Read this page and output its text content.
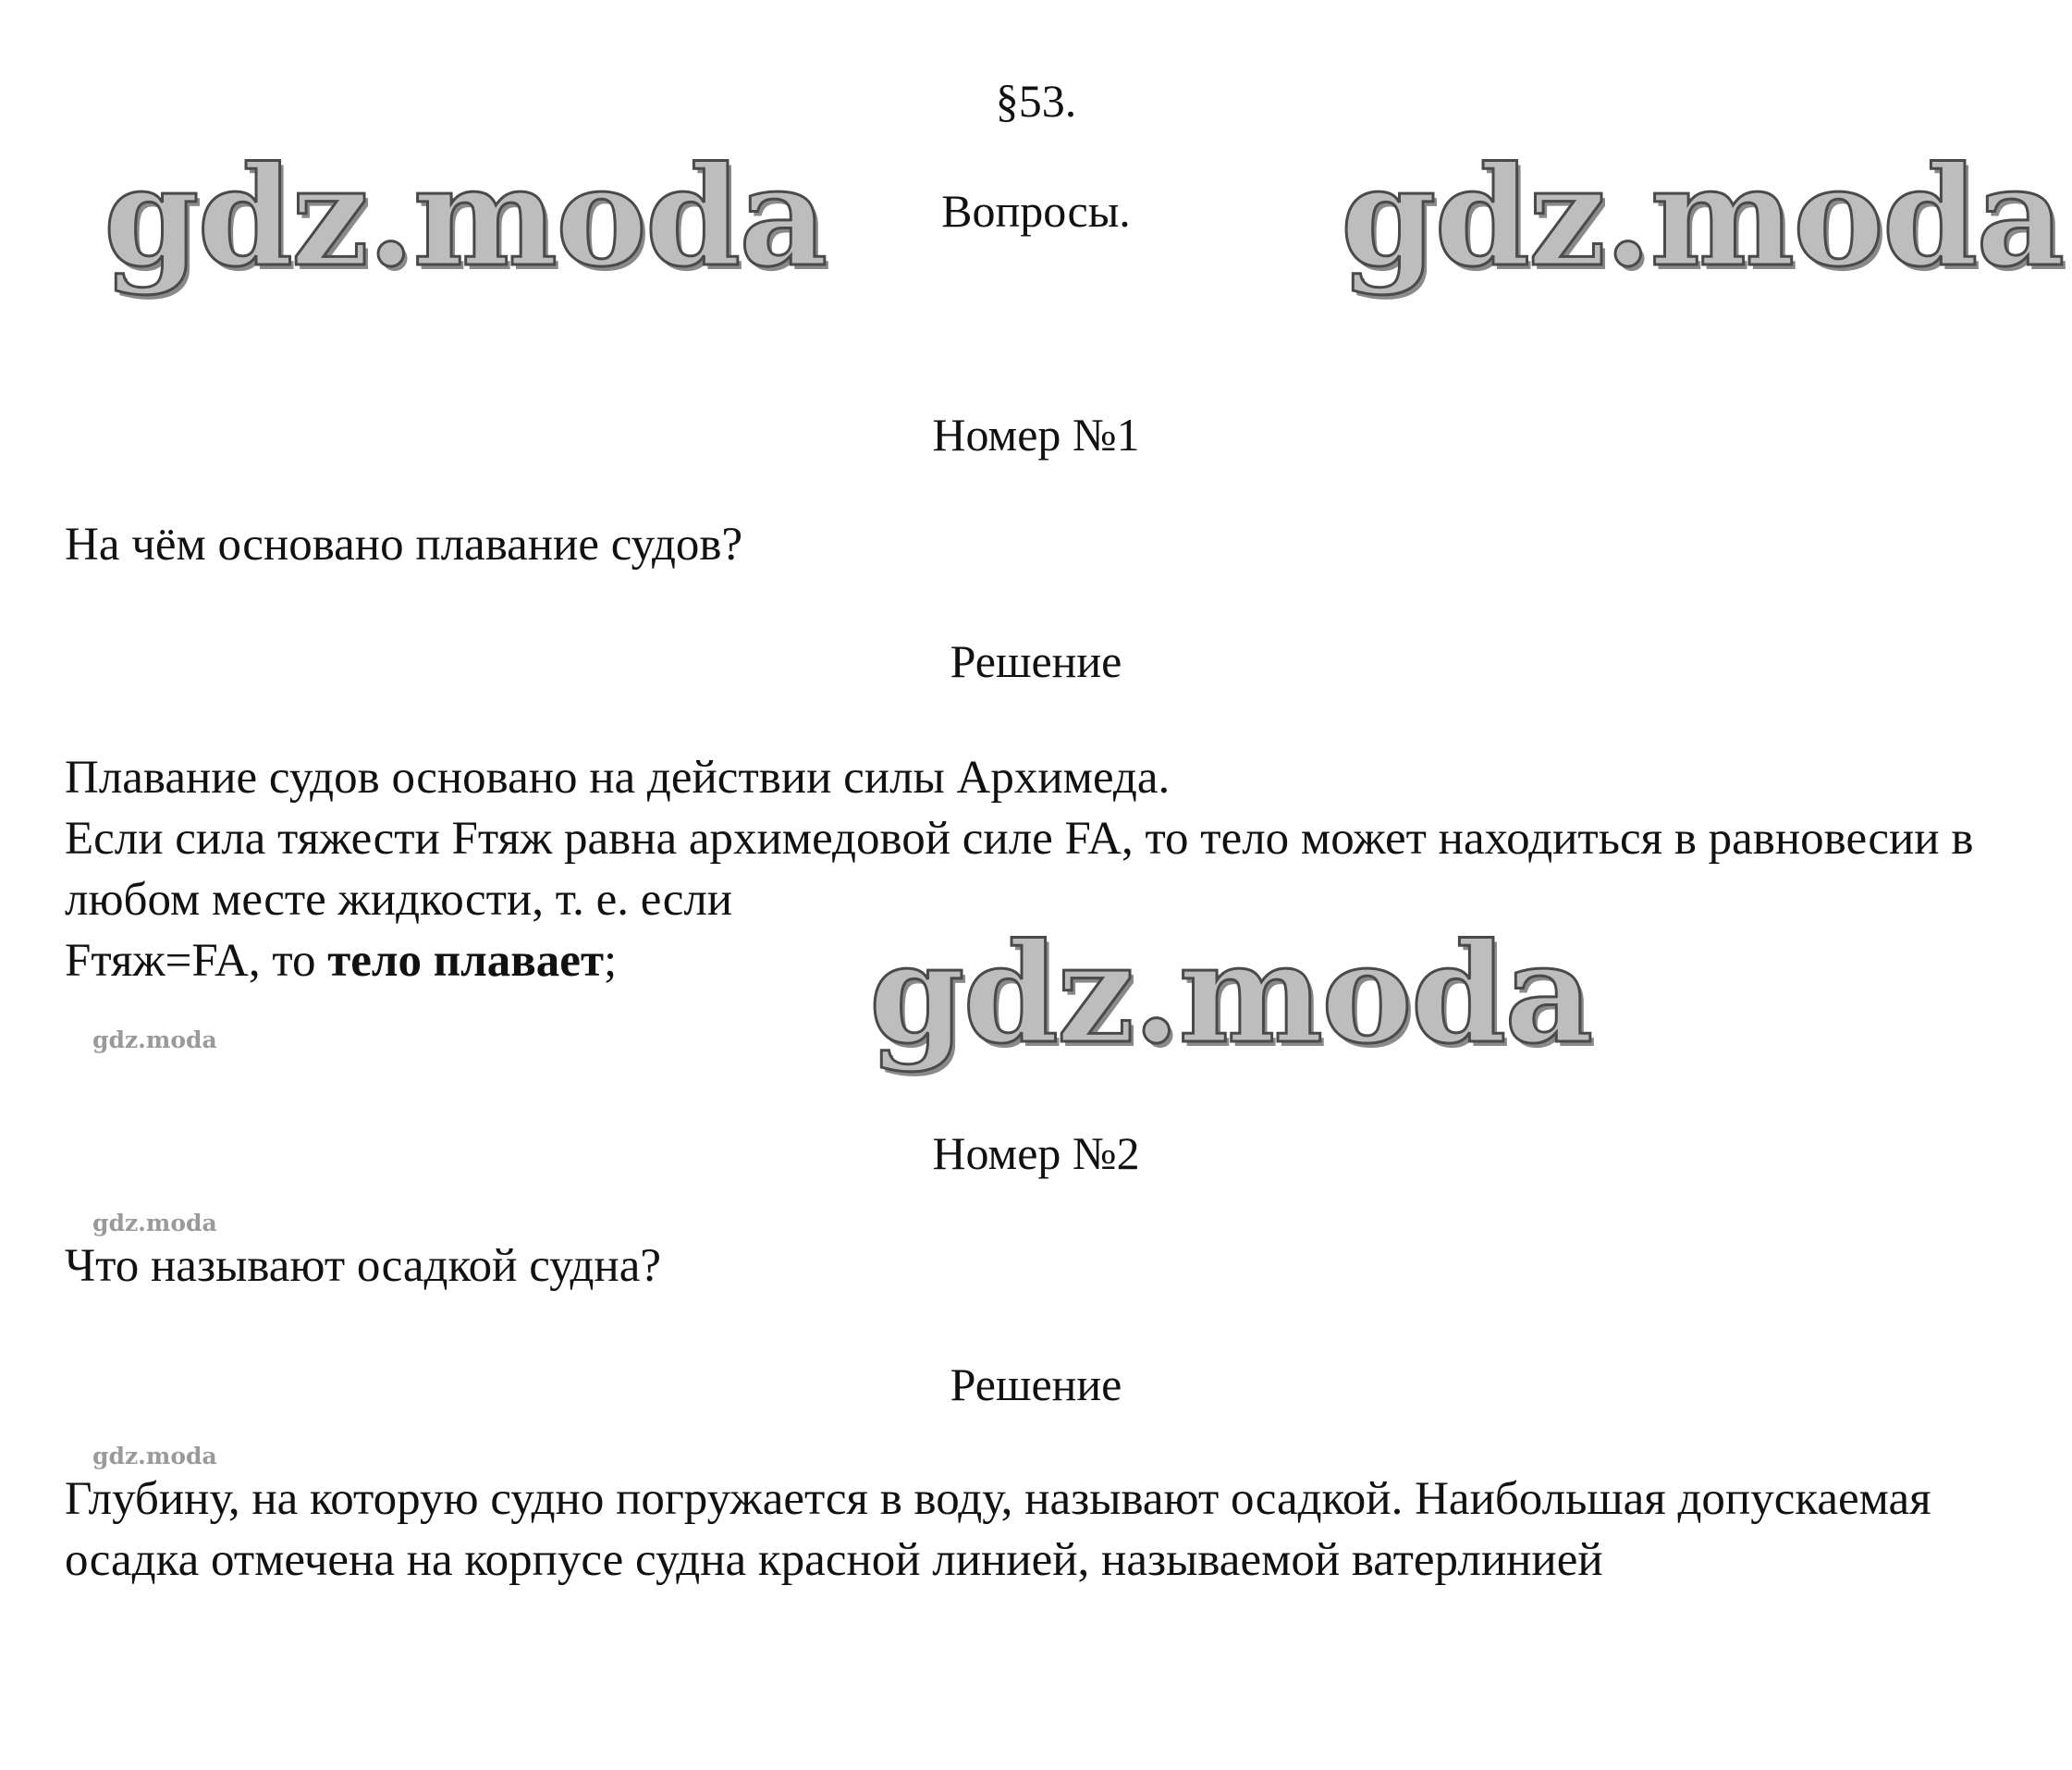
§53.
gdz.moda	Вопросы.	gdz.moda
Номер №1

На чём основано плавание судов?

Решение

Плавание судов основано на действии силы Архимеда.

Если сила тяжести Fтяж равна архимедовой силе FA, то тело может находиться в равновесии в любом месте жидкости, т. е. если

Fтяж=FA, то тело плавает;	gdz.moda
gdz.moda
Номер №2
gdz.moda

Что называют осадкой судна?

Решение
gdz.moda

Глубину, на которую судно погружается в воду, называют осадкой. Наибольшая допускаемая осадка отмечена на корпусе судна красной линией, называемой ватерлинией
